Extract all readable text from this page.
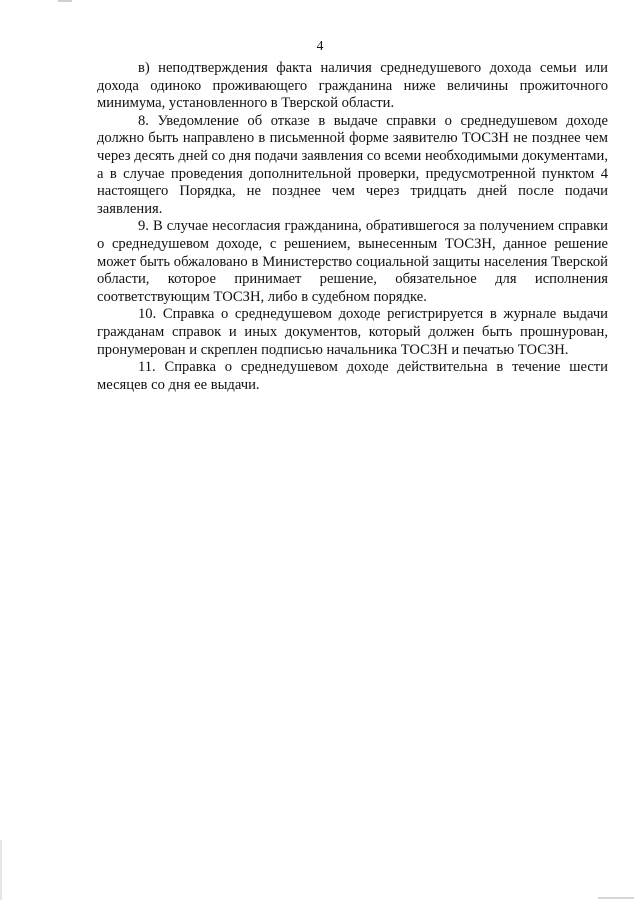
4

в) неподтверждения факта наличия среднедушевого дохода семьи или дохода одиноко проживающего гражданина ниже величины прожиточного минимума, установленного в Тверской области.

8. Уведомление об отказе в выдаче справки о среднедушевом доходе должно быть направлено в письменной форме заявителю ТОСЗН не позднее чем через десять дней со дня подачи заявления со всеми необходимыми документами, а в случае проведения дополнительной проверки, предусмотренной пунктом 4 настоящего Порядка, не позднее чем через тридцать дней после подачи заявления.

9. В случае несогласия гражданина, обратившегося за получением справки о среднедушевом доходе, с решением, вынесенным ТОСЗН, данное решение может быть обжаловано в Министерство социальной защиты населения Тверской области, которое принимает решение, обязательное для исполнения соответствующим ТОСЗН, либо в судебном порядке.

10. Справка о среднедушевом доходе регистрируется в журнале выдачи гражданам справок и иных документов, который должен быть прошнурован, пронумерован и скреплен подписью начальника ТОСЗН и печатью ТОСЗН.

11. Справка о среднедушевом доходе действительна в течение шести месяцев со дня ее выдачи.
